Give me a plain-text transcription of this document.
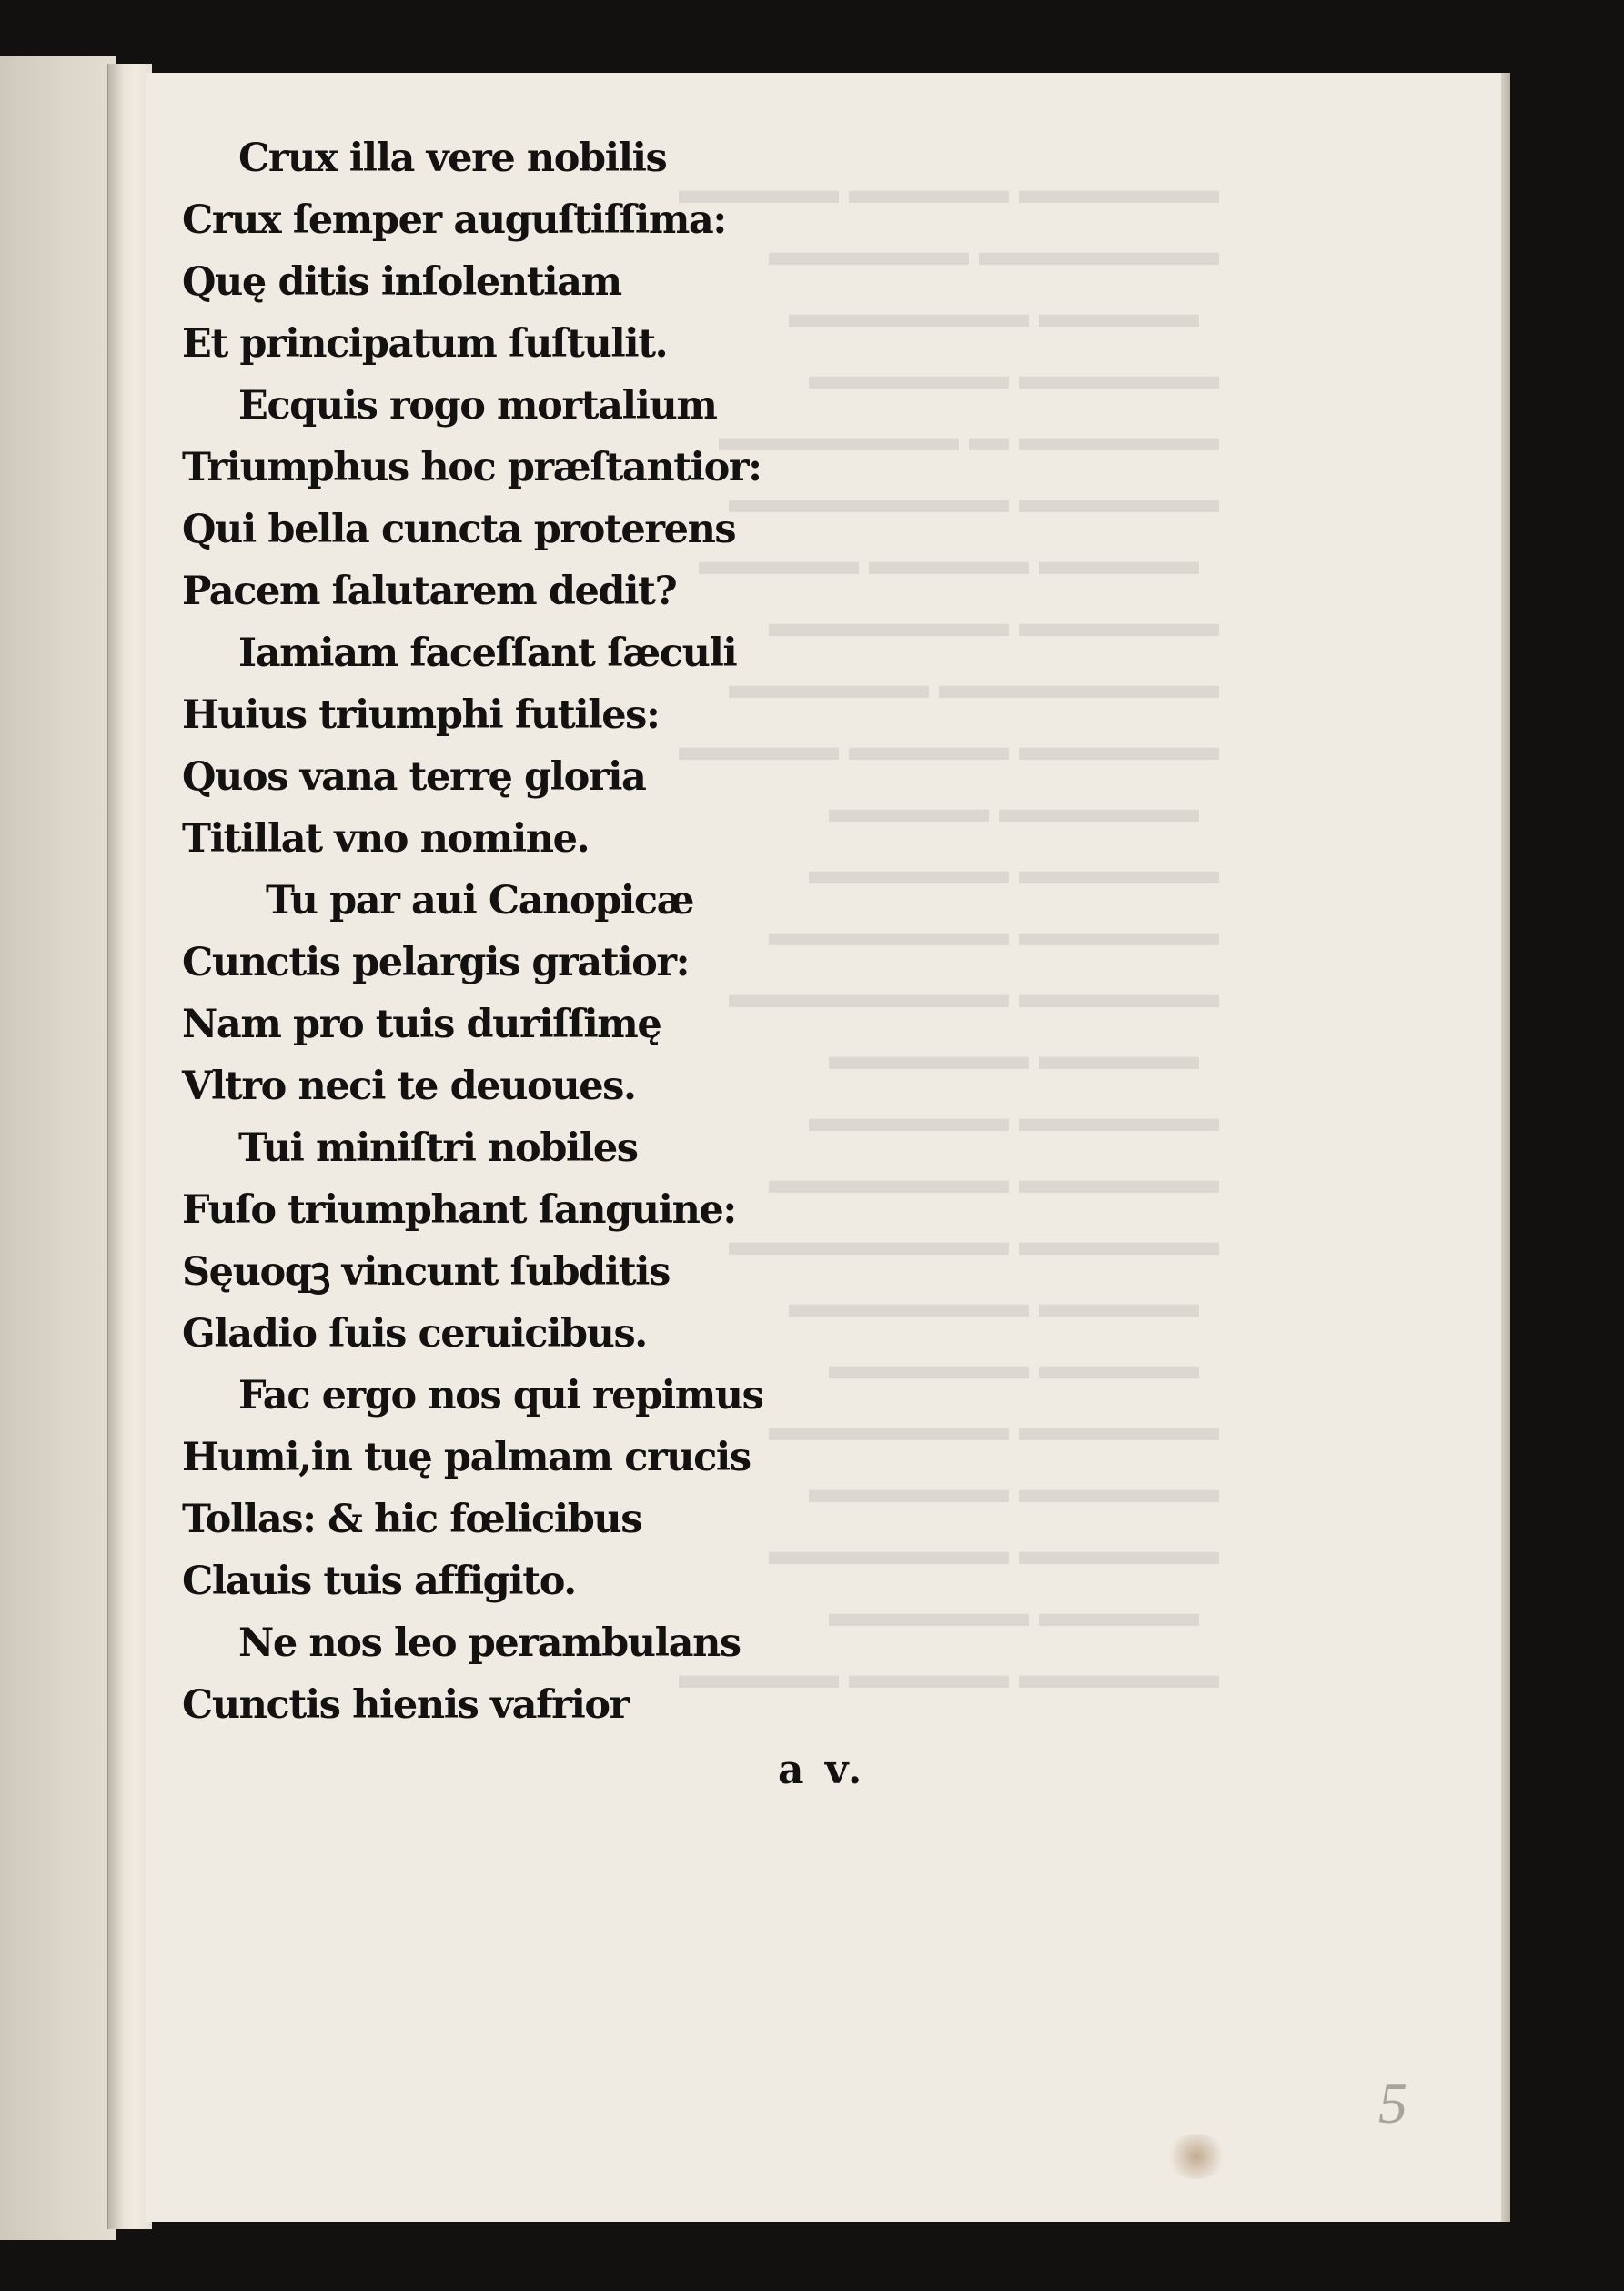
▬▬▬▬▬ ▬▬▬▬ ▬▬▬▬
▬▬▬▬▬▬ ▬▬▬▬▬
▬▬▬▬ ▬▬▬▬▬▬
▬▬▬▬▬ ▬▬▬▬▬
▬▬▬▬▬ ▬ ▬▬▬▬▬▬
▬▬▬▬▬ ▬▬▬▬▬▬▬
▬▬▬▬ ▬▬▬▬ ▬▬▬▬
▬▬▬▬▬ ▬▬▬▬▬▬
▬▬▬▬▬▬▬ ▬▬▬▬▬
▬▬▬▬▬ ▬▬▬▬ ▬▬▬▬
▬▬▬▬▬ ▬▬▬▬
▬▬▬▬▬ ▬▬▬▬▬
▬▬▬▬▬ ▬▬▬▬▬▬
▬▬▬▬▬ ▬▬▬▬▬▬▬
▬▬▬▬ ▬▬▬▬▬
▬▬▬▬▬ ▬▬▬▬▬
▬▬▬▬▬ ▬▬▬▬▬▬
▬▬▬▬▬ ▬▬▬▬▬▬▬
▬▬▬▬ ▬▬▬▬▬▬
▬▬▬▬ ▬▬▬▬▬
▬▬▬▬▬ ▬▬▬▬▬▬
▬▬▬▬▬ ▬▬▬▬▬
▬▬▬▬▬ ▬▬▬▬▬▬
▬▬▬▬ ▬▬▬▬▬
▬▬▬▬▬ ▬▬▬▬ ▬▬▬▬
Crux illa vere nobilis
Crux ſemper auguſtiſſima:
Quę ditis inſolentiam
Et principatum ſuſtulit.
Ecquis rogo mortalium
Triumphus hoc præſtantior:
Qui bella cuncta proterens
Pacem ſalutarem dedit?
Iamiam faceſſant ſæculi
Huius triumphi futiles:
Quos vana terrę gloria
Titillat vno nomine.
Tu par aui Canopicæ
Cunctis pelargis gratior:
Nam pro tuis duriſſimę
Vltro neci te deuoues.
Tui miniſtri nobiles
Fuſo triumphant ſanguine:
Sęuoqꝫ vincunt ſubditis
Gladio ſuis ceruicibus.
Fac ergo nos qui repimus
Humi,in tuę palmam crucis
Tollas: & hic fœlicibus
Clauis tuis affigito.
Ne nos leo perambulans
Cunctis hienis vafrior
a v.
5
